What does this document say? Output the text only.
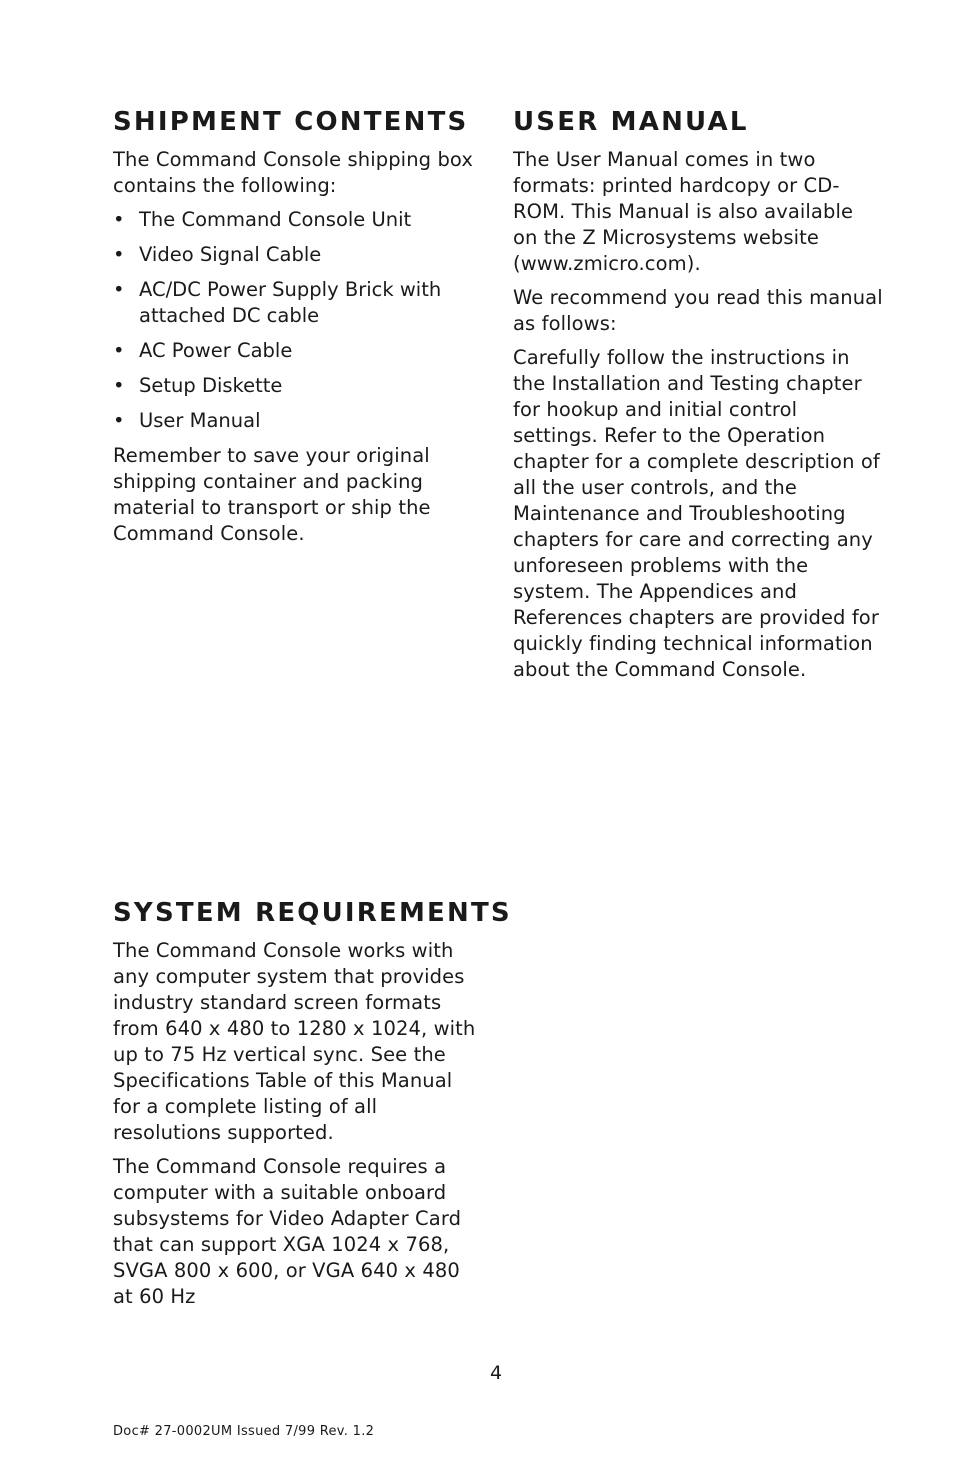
SHIPMENT CONTENTS

The Command Console shipping box contains the following:

• The Command Console Unit
• Video Signal Cable
• AC/DC Power Supply Brick with attached DC cable
• AC Power Cable
• Setup Diskette
• User Manual

Remember to save your original shipping container and packing material to transport or ship the Command Console.

USER MANUAL

The User Manual comes in two formats: printed hardcopy or CD-ROM. This Manual is also available on the Z Microsystems website (www.zmicro.com).

We recommend you read this manual as follows:

Carefully follow the instructions in the Installation and Testing chapter for hookup and initial control settings. Refer to the Operation chapter for a complete description of all the user controls, and the Maintenance and Troubleshooting chapters for care and correcting any unforeseen problems with the system. The Appendices and References chapters are provided for quickly finding technical information about the Command Console.

SYSTEM REQUIREMENTS

The Command Console works with any computer system that provides industry standard screen formats from 640 x 480 to 1280 x 1024, with up to 75 Hz vertical sync. See the Specifications Table of this Manual for a complete listing of all resolutions supported.

The Command Console requires a computer with a suitable onboard subsystems for Video Adapter Card that can support XGA 1024 x 768, SVGA 800 x 600, or VGA 640 x 480 at 60 Hz

4
Doc# 27-0002UM Issued 7/99 Rev. 1.2
